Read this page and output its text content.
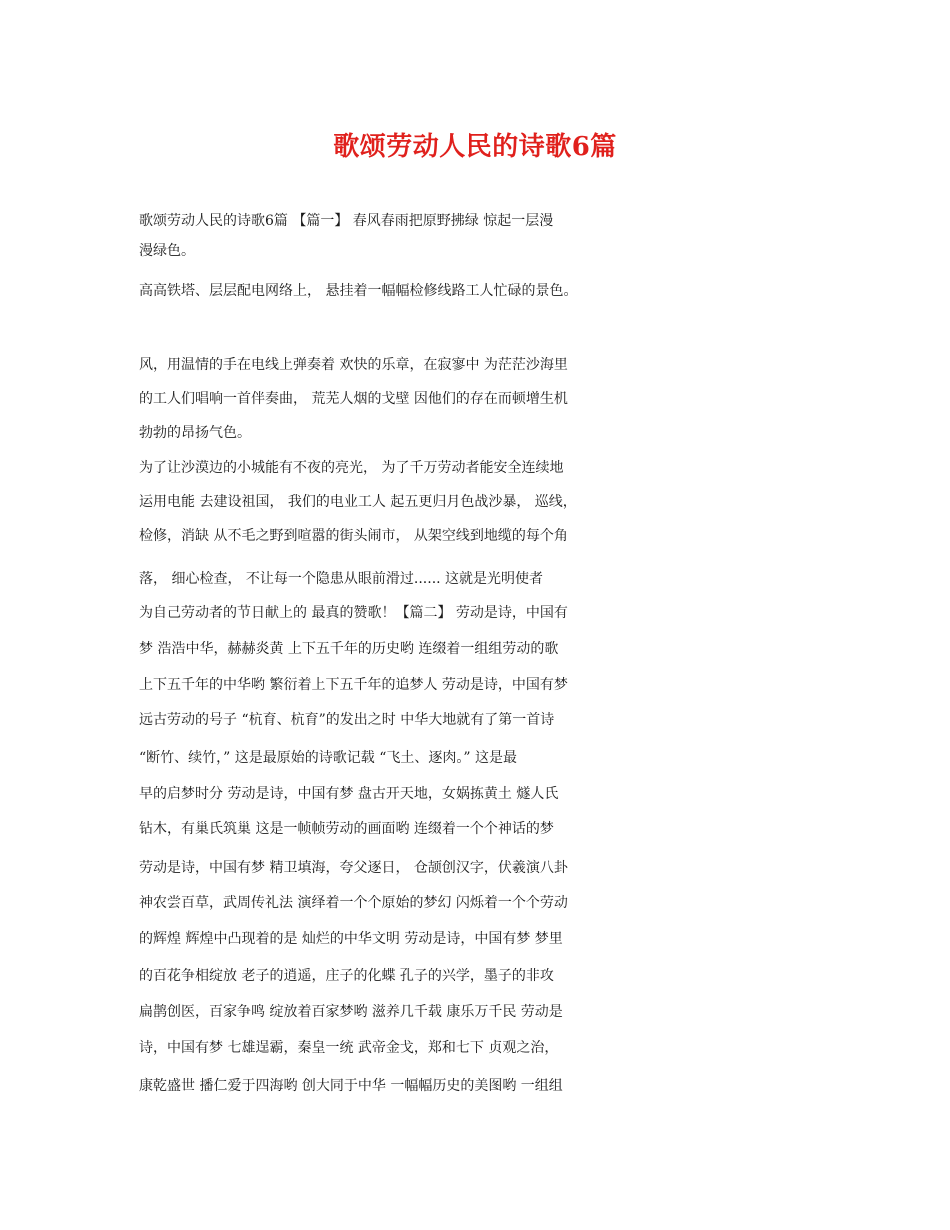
歌颂劳动人民的诗歌6篇

歌颂劳动人民的诗歌6篇 【篇一】 春风春雨把原野拂绿 惊起一层漫

漫绿色。

高高铁塔、层层配电网络上， 悬挂着一幅幅检修线路工人忙碌的景色。

风，用温情的手在电线上弹奏着 欢快的乐章，在寂寥中 为茫茫沙海里

的工人们唱响一首伴奏曲， 荒芜人烟的戈壁 因他们的存在而顿增生机

勃勃的昂扬气色。

为了让沙漠边的小城能有不夜的亮光， 为了千万劳动者能安全连续地

运用电能 去建设祖国， 我们的电业工人 起五更归月色战沙暴， 巡线，

检修，消缺 从不毛之野到喧嚣的街头闹市， 从架空线到地缆的每个角

落， 细心检查， 不让每一个隐患从眼前滑过...... 这就是光明使者

为自己劳动者的节日献上的 最真的赞歌！【篇二】 劳动是诗，中国有

梦 浩浩中华，赫赫炎黄 上下五千年的历史哟 连缀着一组组劳动的歌

上下五千年的中华哟 繁衍着上下五千年的追梦人 劳动是诗，中国有梦

远古劳动的号子 “杭育、杭育”的发出之时 中华大地就有了第一首诗

“断竹、续竹，” 这是最原始的诗歌记载 “飞土、逐肉。” 这是最

早的启梦时分 劳动是诗，中国有梦 盘古开天地，女娲拣黄土 燧人氏

钻木，有巢氏筑巢 这是一帧帧劳动的画面哟 连缀着一个个神话的梦

劳动是诗，中国有梦 精卫填海，夸父逐日， 仓颉创汉字，伏羲演八卦

神农尝百草，武周传礼法 演绎着一个个原始的梦幻 闪烁着一个个劳动

的辉煌 辉煌中凸现着的是 灿烂的中华文明 劳动是诗，中国有梦 梦里

的百花争相绽放 老子的逍遥，庄子的化蝶 孔子的兴学，墨子的非攻

扁鹊创医，百家争鸣 绽放着百家梦哟 滋养几千载 康乐万千民 劳动是

诗，中国有梦 七雄逞霸，秦皇一统 武帝金戈，郑和七下 贞观之治，

康乾盛世 播仁爱于四海哟 创大同于中华 一幅幅历史的美图哟 一组组
